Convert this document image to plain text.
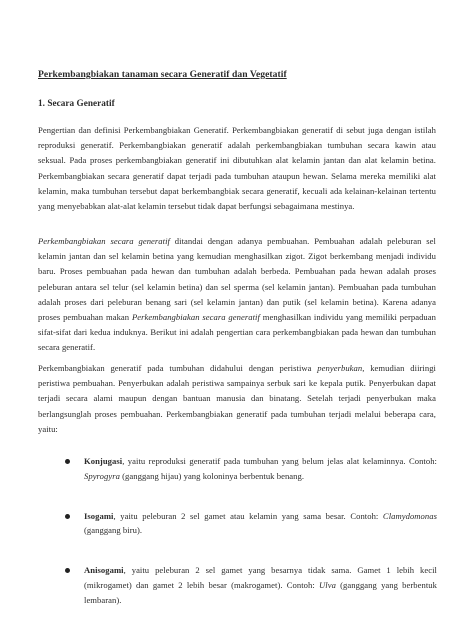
Perkembangbiakan tanaman secara Generatif dan Vegetatif
1. Secara Generatif

Pengertian dan definisi Perkembangbiakan Generatif. Perkembangbiakan generatif di sebut juga dengan istilah reproduksi generatif. Perkembangbiakan generatif adalah perkembangbiakan tumbuhan secara kawin atau seksual. Pada proses perkembangbiakan generatif ini dibutuhkan alat kelamin jantan dan alat kelamin betina. Perkembangbiakan secara generatif dapat terjadi pada tumbuhan ataupun hewan. Selama mereka memiliki alat kelamin, maka tumbuhan tersebut dapat berkembangbiak secara generatif, kecuali ada kelainan-kelainan tertentu yang menyebabkan alat-alat kelamin tersebut tidak dapat berfungsi sebagaimana mestinya.

Perkembangbiakan secara generatif ditandai dengan adanya pembuahan. Pembuahan adalah peleburan sel kelamin jantan dan sel kelamin betina yang kemudian menghasilkan zigot. Zigot berkembang menjadi individu baru. Proses pembuahan pada hewan dan tumbuhan adalah berbeda. Pembuahan pada hewan adalah proses peleburan antara sel telur (sel kelamin betina) dan sel sperma (sel kelamin jantan). Pembuahan pada tumbuhan adalah proses dari peleburan benang sari (sel kelamin jantan) dan putik (sel kelamin betina). Karena adanya proses pembuahan makan Perkembangbiakan secara generatif menghasilkan individu yang memiliki perpaduan sifat-sifat dari kedua induknya. Berikut ini adalah pengertian cara perkembangbiakan pada hewan dan tumbuhan secara generatif.

Perkembangbiakan generatif pada tumbuhan didahului dengan peristiwa penyerbukan, kemudian diiringi peristiwa pembuahan. Penyerbukan adalah peristiwa sampainya serbuk sari ke kepala putik. Penyerbukan dapat terjadi secara alami maupun dengan bantuan manusia dan binatang. Setelah terjadi penyerbukan maka berlangsunglah proses pembuahan. Perkembangbiakan generatif pada tumbuhan terjadi melalui beberapa cara, yaitu:

Konjugasi, yaitu reproduksi generatif pada tumbuhan yang belum jelas alat kelaminnya. Contoh: Spyrogyra (ganggang hijau) yang koloninya berbentuk benang.
Isogami, yaitu peleburan 2 sel gamet atau kelamin yang sama besar. Contoh: Clamydomonas (ganggang biru).
Anisogami, yaitu peleburan 2 sel gamet yang besarnya tidak sama. Gamet 1 lebih kecil (mikrogamet) dan gamet 2 lebih besar (makrogamet). Contoh: Ulva (ganggang yang berbentuk lembaran).
